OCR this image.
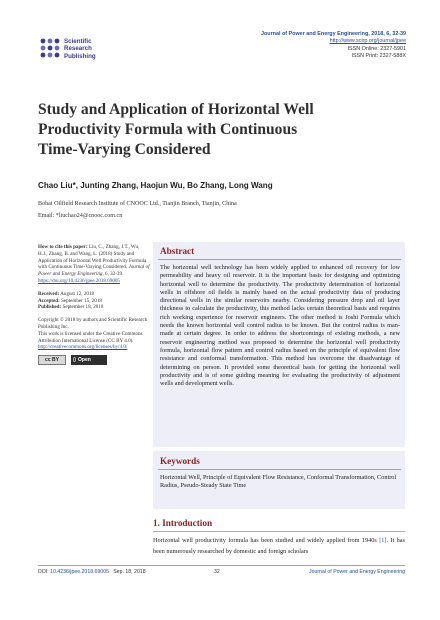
Scientific
Research
Publishing
Journal of Power and Energy Engineering, 2018, 6, 32-39
http://www.scirp.org/journal/jpee
ISSN Online: 2327-5901
ISSN Print: 2327-588X
Study and Application of Horizontal Well
Productivity Formula with Continuous
Time-Varying Considered
Chao Liu*, Junting Zhang, Haojun Wu, Bo Zhang, Long Wang
Bohai Oilfield Research Institute of CNOOC Ltd., Tianjin Branch, Tianjin, China
Email: *liuchao24@cnooc.com.cn
How to cite this paper: Liu, C., Zhang, J.T., Wu, H.J., Zhang, B. and Wang, L. (2018) Study and Application of Horizontal Well Productivity Formula with Continuous Time-Varying Considered. Journal of Power and Energy Engineering, 6, 32-39. https://doi.org/10.4236/jpee.2018.69005
Received: August 12, 2018
Accepted: September 15, 2018
Published: September 18, 2018
Copyright © 2018 by authors and Scientific Research Publishing Inc.
This work is licensed under the Creative Commons Attribution International License (CC BY 4.0).
http://creativecommons.org/licenses/by/4.0/
cc BY	Open Access
Abstract
The horizontal well technology has been widely applied to enhanced oil recovery for low permeability and heavy oil reservoir. It is the important basis for designing and optimizing horizontal well to determine the productivity. The productivity determination of horizontal wells in offshore oil fields is mainly based on the actual productivity data of producing directional wells in the similar reservoirs nearby. Considering pressure drop and oil layer thickness to calculate the productivity, this method lacks certain theoretical basis and requires rich working experience for reservoir engineers. The other method is Joshi Formula which needs the known horizontal well control radius to be known. But the control radius is man-made at certain degree. In order to address the shortcomings of existing methods, a new reservoir engineering method was proposed to determine the horizontal well productivity formula, horizontal flow pattern and control radius based on the principle of equivalent flow resistance and conformal transformation. This method has overcome the disadvantage of determining on person. It provided some theoretical basis for getting the horizontal well productivity and is of some guiding meaning for evaluating the productivity of adjustment wells and development wells.
Keywords
Horizontal Well, Principle of Equivalent Flow Resistance, Conformal Transformation, Control Radius, Pseudo-Steady State Time
1. Introduction
Horizontal well productivity formula has been studied and widely applied from 1940s [1]. It has been numerously researched by domestic and foreign scholars
DOI: 10.4236/jpee.2018.69005 Sep. 18, 2018	32	Journal of Power and Energy Engineering
